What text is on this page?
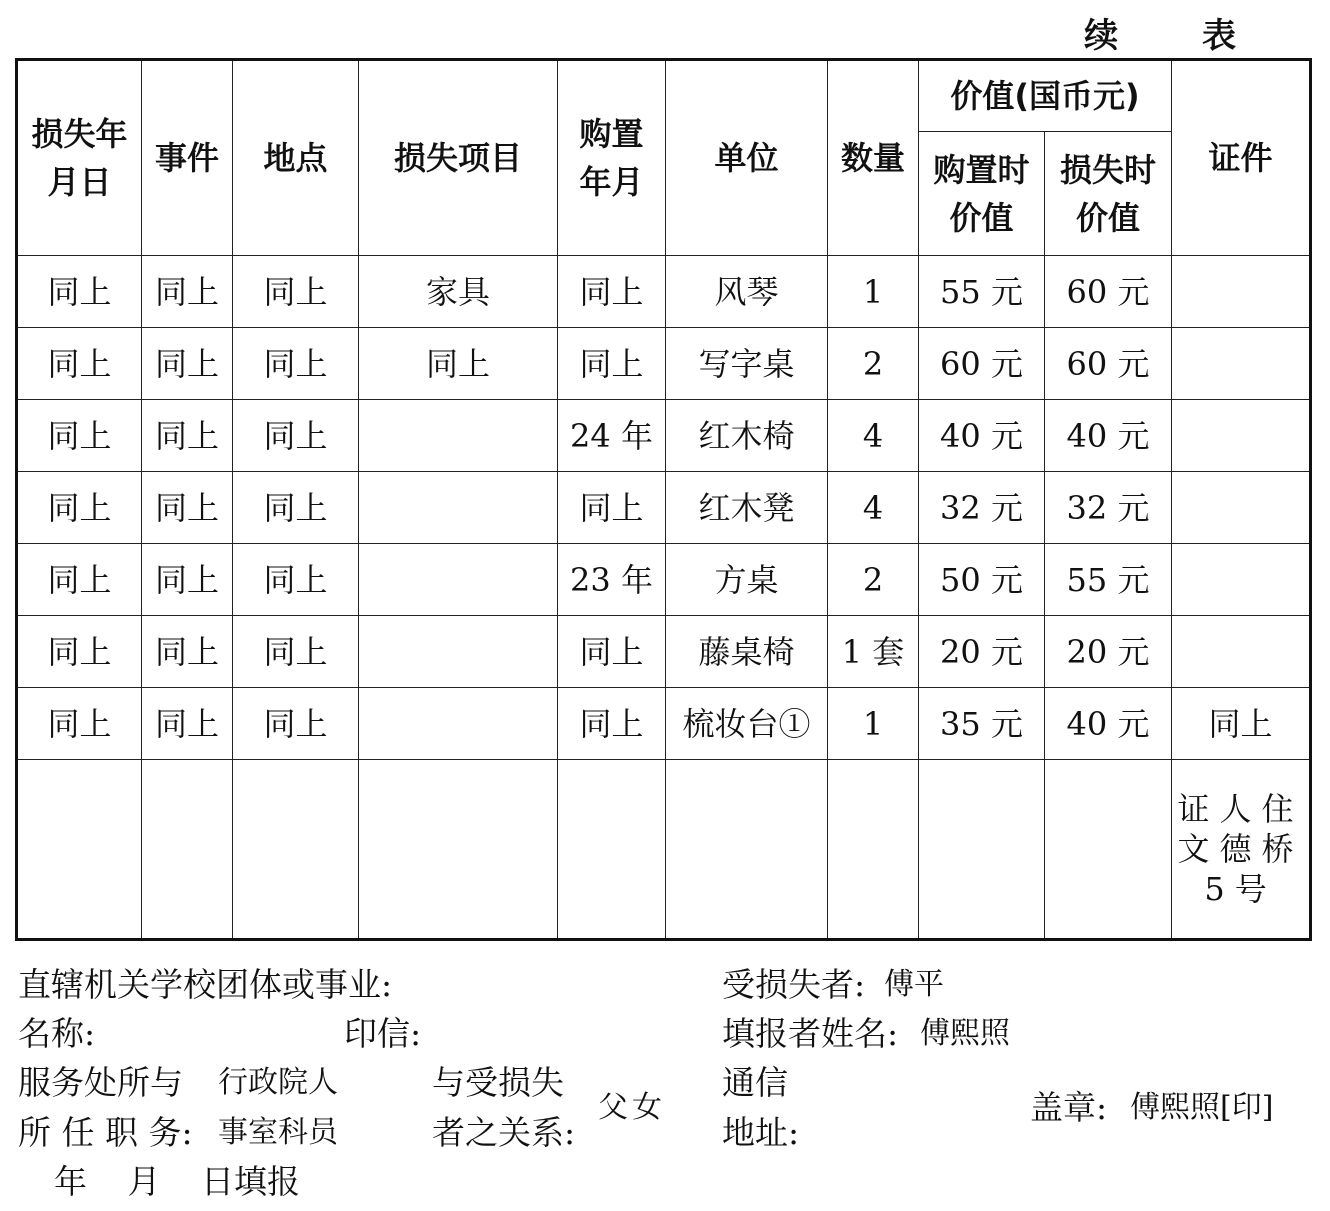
续 表
损失年月日	事件	地点	损失项目	购置年月	单位	数量	价值(国币元)		证件
							购置时价值	损失时价值	
同上	同上	同上	家具	同上	风琴	1	55 元	60 元	
同上	同上	同上	同上	同上	写字桌	2	60 元	60 元	
同上	同上	同上		24 年	红木椅	4	40 元	40 元	
同上	同上	同上		同上	红木凳	4	32 元	32 元	
同上	同上	同上		23 年	方桌	2	50 元	55 元	
同上	同上	同上		同上	藤桌椅	1 套	20 元	20 元	
同上	同上	同上		同上	梳妆台①	1	35 元	40 元	同上
									证人住文德桥5号
直辖机关学校团体或事业:
名称:	印信:
服务处所与 行政院人
所 任 职 务: 事室科员
与受损失
者之关系:
父女
受损失者: 傅平
填报者姓名: 傅熙照
通信
地址:
盖章: 傅熙照[印]
年 月 日填报
